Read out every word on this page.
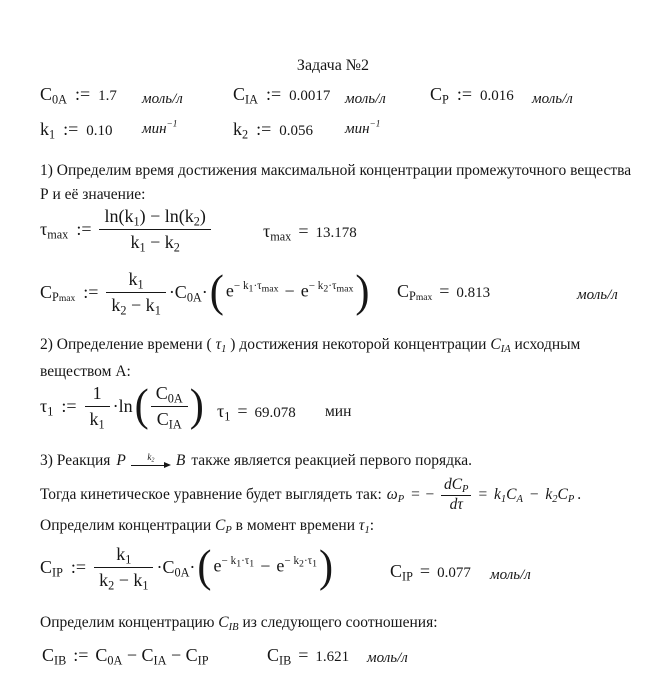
Задача №2
$C_{0A}$ := 1.7 моль/л	$C_{IA}$ := 0.0017 моль/л $C_P$ := 0.016 моль/л
$k_1$ := 0.10 мин$^{-1}$	$k_2$ := 0.056 мин$^{-1}$
1) Определим время достижения максимальной концентрации промежуточного вещества
Р и её значение:
$\tau_{max}$ := $\frac{\ln(k_1) - \ln(k_2)}{k_1 - k_2}$	$\tau_{max} = 13.178$
$C_{Pmax}$ := $\frac{k_1}{k_2 - k_1} \cdot C_{0A}\cdot$ ( $e^{- k_1\cdot\tau_{max}} - e^{- k_2\cdot\tau_{max}}$) $C_{Pmax} = 0.813$	моль/л
2) Определение времени ( $\tau_1$ ) достижения некоторой концентрации $C_{IA}$ исходным
веществом А:
$\tau_1$ := $\frac{1}{k_1} \cdot\ln$ ( $\frac{C_{0A}}{C_{IA}}$ ) $\tau_1 = 69.078$ мин
3) Реакция P $k_2$ B также является реакцией первого порядка.
Тогда кинетическое уравнение будет выглядеть так: $\omega_P$ = − $\frac{dC_P}{d\tau} = k_1C_A - k_2C_P$ .
Определим концентрации $C_P$ в момент времени $\tau_1$:
$C_{IP}$ := $\frac{k_1}{k_2 - k_1} \cdot C_{0A}\cdot$ ( $e^{- k_1\cdot\tau_1} - e^{- k_2\cdot\tau_1}$)	$C_{IP} = 0.077$ моль/л
Определим концентрацию $C_{IB}$ из следующего соотношения:
$C_{IB}$ := $C_{0A} - C_{IA} - C_{IP}$	$C_{IB} = 1.621$ моль/л
